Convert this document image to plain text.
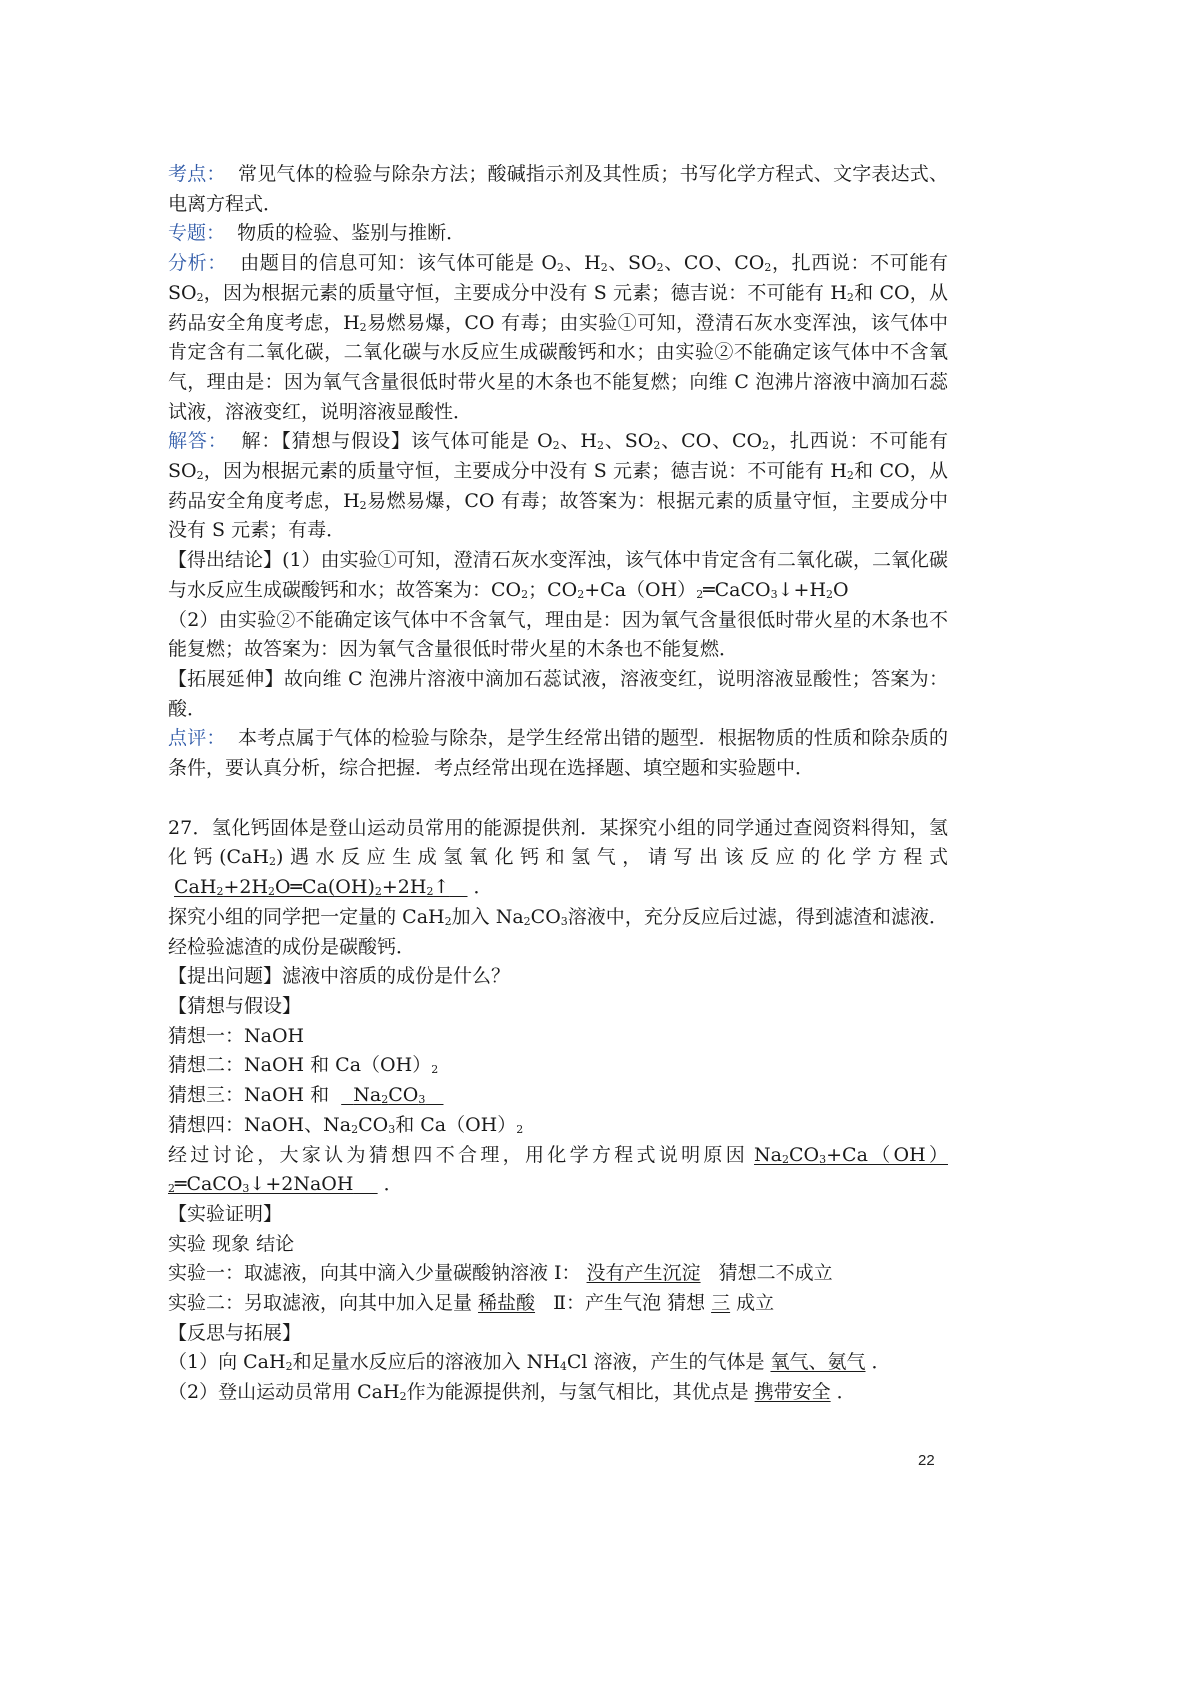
考点： 常见气体的检验与除杂方法；酸碱指示剂及其性质；书写化学方程式、文字表达式、电离方程式．

专题： 物质的检验、鉴别与推断．

分析： 由题目的信息可知：该气体可能是 $O_2$、$H_2$、$SO_2$、CO、$CO_2$，扎西说：不可能有 $SO_2$，因为根据元素的质量守恒，主要成分中没有 S 元素；德吉说：不可能有 $H_2$和 CO，从药品安全角度考虑，$H_2$易燃易爆，CO 有毒；由实验①可知，澄清石灰水变浑浊，该气体中肯定含有二氧化碳，二氧化碳与水反应生成碳酸钙和水；由实验②不能确定该气体中不含氧气，理由是：因为氧气含量很低时带火星的木条也不能复燃；向维 C 泡沸片溶液中滴加石蕊试液，溶液变红，说明溶液显酸性．

解答： 解：【猜想与假设】该气体可能是 $O_2$、$H_2$、$SO_2$、CO、$CO_2$，扎西说：不可能有 $SO_2$，因为根据元素的质量守恒，主要成分中没有 S 元素；德吉说：不可能有 $H_2$和 CO，从药品安全角度考虑，$H_2$易燃易爆，CO 有毒；故答案为：根据元素的质量守恒，主要成分中没有 S 元素；有毒．

【得出结论】(1）由实验①可知，澄清石灰水变浑浊，该气体中肯定含有二氧化碳，二氧化碳与水反应生成碳酸钙和水；故答案为：$CO_2$；$CO_2+Ca(OH)_2═CaCO_3↓+H_2O$

（2）由实验②不能确定该气体中不含氧气，理由是：因为氧气含量很低时带火星的木条也不能复燃；故答案为：因为氧气含量很低时带火星的木条也不能复燃．

【拓展延伸】故向维 C 泡沸片溶液中滴加石蕊试液，溶液变红，说明溶液显酸性；答案为：酸．

点评： 本考点属于气体的检验与除杂，是学生经常出错的题型．根据物质的性质和除杂质的条件，要认真分析，综合把握．考点经常出现在选择题、填空题和实验题中．

27．氢化钙固体是登山运动员常用的能源提供剂．某探究小组的同学通过查阅资料得知，氢化钙(CaH$_2$)遇水反应生成氢氧化钙和氢气，请写出该反应的化学方程式$CaH_2+2H_2O═Ca(OH)_2+2H_2↑$ ．

探究小组的同学把一定量的 CaH$_2$加入 $Na_2CO_3$溶液中，充分反应后过滤，得到滤渣和滤液．经检验滤渣的成份是碳酸钙．

【提出问题】滤液中溶质的成份是什么？

【猜想与假设】

猜想一：NaOH

猜想二：NaOH 和 $Ca(OH)_2$

猜想三：NaOH 和 $Na_2CO_3$

猜想四：NaOH、$Na_2CO_3$和 $Ca(OH)_2$

经过讨论，大家认为猜想四不合理，用化学方程式说明原因 $Na_2CO_3+Ca(OH)_2═CaCO_3↓+2NaOH$ ．

【实验证明】

实验 现象 结论

实验一：取滤液，向其中滴入少量碳酸钠溶液 Ⅰ： 没有产生沉淀 猜想二不成立

实验二：另取滤液，向其中加入足量 稀盐酸 Ⅱ：产生气泡 猜想 三 成立

【反思与拓展】

（1）向 CaH$_2$和足量水反应后的溶液加入 $NH_4Cl$ 溶液，产生的气体是 氧气、氨气 ．

（2）登山运动员常用 CaH$_2$作为能源提供剂，与氢气相比，其优点是 携带安全 ．

22
